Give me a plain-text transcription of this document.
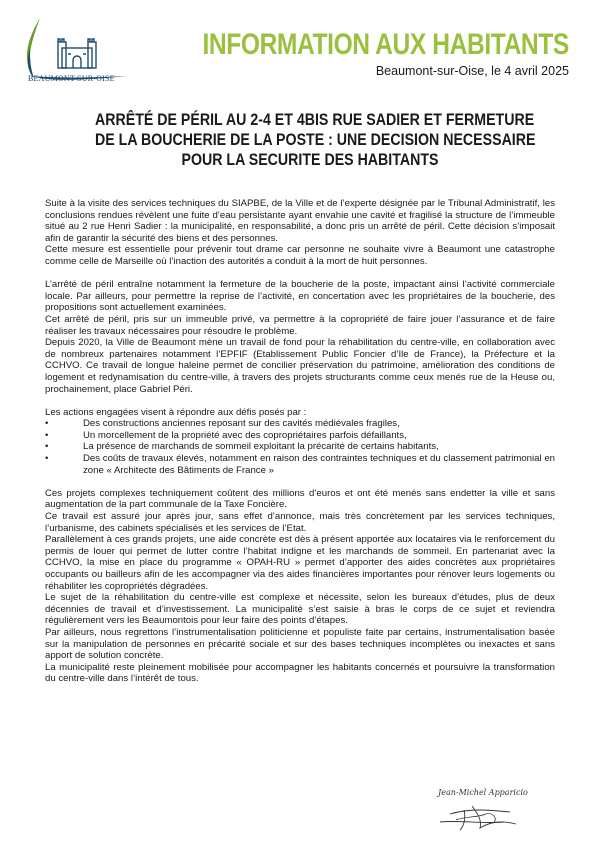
BEAUMONT-SUR-OISE
INFORMATION AUX HABITANTS
Beaumont-sur-Oise, le 4 avril 2025
ARRÊTÉ DE PÉRIL AU 2-4 ET 4BIS RUE SADIER ET FERMETURE
DE LA BOUCHERIE DE LA POSTE : UNE DECISION NECESSAIRE
POUR LA SECURITE DES HABITANTS

Suite à la visite des services techniques du SIAPBE, de la Ville et de l’experte désignée par le Tribunal Administratif, les conclusions rendues révèlent une fuite d’eau persistante ayant envahie une cavité et fragilisé la structure de l’immeuble situé au 2 rue Henri Sadier : la municipalité, en responsabilité, a donc pris un arrêté de péril. Cette décision s’imposait afin de garantir la sécurité des biens et des personnes.

Cette mesure est essentielle pour prévenir tout drame car personne ne souhaite vivre à Beaumont une catastrophe comme celle de Marseille où l’inaction des autorités a conduit à la mort de huit personnes.

L’arrêté de péril entraîne notamment la fermeture de la boucherie de la poste, impactant ainsi l’activité commerciale locale. Par ailleurs, pour permettre la reprise de l’activité, en concertation avec les propriétaires de la boucherie, des propositions sont actuellement examinées.

Cet arrêté de péril, pris sur un immeuble privé, va permettre à la copropriété de faire jouer l’assurance et de faire réaliser les travaux nécessaires pour résoudre le problème.

Depuis 2020, la Ville de Beaumont mène un travail de fond pour la réhabilitation du centre-ville, en collaboration avec de nombreux partenaires notamment l’EPFIF (Etablissement Public Foncier d’Ile de France), la Préfecture et la CCHVO. Ce travail de longue haleine permet de concilier préservation du patrimoine, amélioration des conditions de logement et redynamisation du centre-ville, à travers des projets structurants comme ceux menés rue de la Heuse ou, prochainement, place Gabriel Péri.

Les actions engagées visent à répondre aux défis posés par :

•	Des constructions anciennes reposant sur des cavités médiévales fragiles,
•	Un morcellement de la propriété avec des copropriétaires parfois défaillants,
•	La présence de marchands de sommeil exploitant la précarité de certains habitants,
•	Des coûts de travaux élevés, notamment en raison des contraintes techniques et du classement patrimonial en zone « Architecte des Bâtiments de France »

Ces projets complexes techniquement coûtent des millions d’euros et ont été menés sans endetter la ville et sans augmentation de la part communale de la Taxe Foncière.

Ce travail est assuré jour après jour, sans effet d’annonce, mais très concrètement par les services techniques, l’urbanisme, des cabinets spécialisés et les services de l’Etat.

Parallèlement à ces grands projets, une aide concrète est dès à présent apportée aux locataires via le renforcement du permis de louer qui permet de lutter contre l’habitat indigne et les marchands de sommeil. En partenariat avec la CCHVO, la mise en place du programme « OPAH-RU » permet d’apporter des aides concrètes aux propriétaires occupants ou bailleurs afin de les accompagner via des aides financières importantes pour rénover leurs logements ou réhabiliter les copropriétés dégradées.

Le sujet de la réhabilitation du centre-ville est complexe et nécessite, selon les bureaux d’études, plus de deux décennies de travail et d’investissement. La municipalité s’est saisie à bras le corps de ce sujet et reviendra régulièrement vers les Beaumontois pour leur faire des points d’étapes.

Par ailleurs, nous regrettons l’instrumentalisation politicienne et populiste faite par certains, instrumentalisation basée sur la manipulation de personnes en précarité sociale et sur des bases techniques incomplètes ou inexactes et sans apport de solution concrète.

La municipalité reste pleinement mobilisée pour accompagner les habitants concernés et poursuivre la transformation du centre-ville dans l’intérêt de tous.

Jean-Michel Apparicio
